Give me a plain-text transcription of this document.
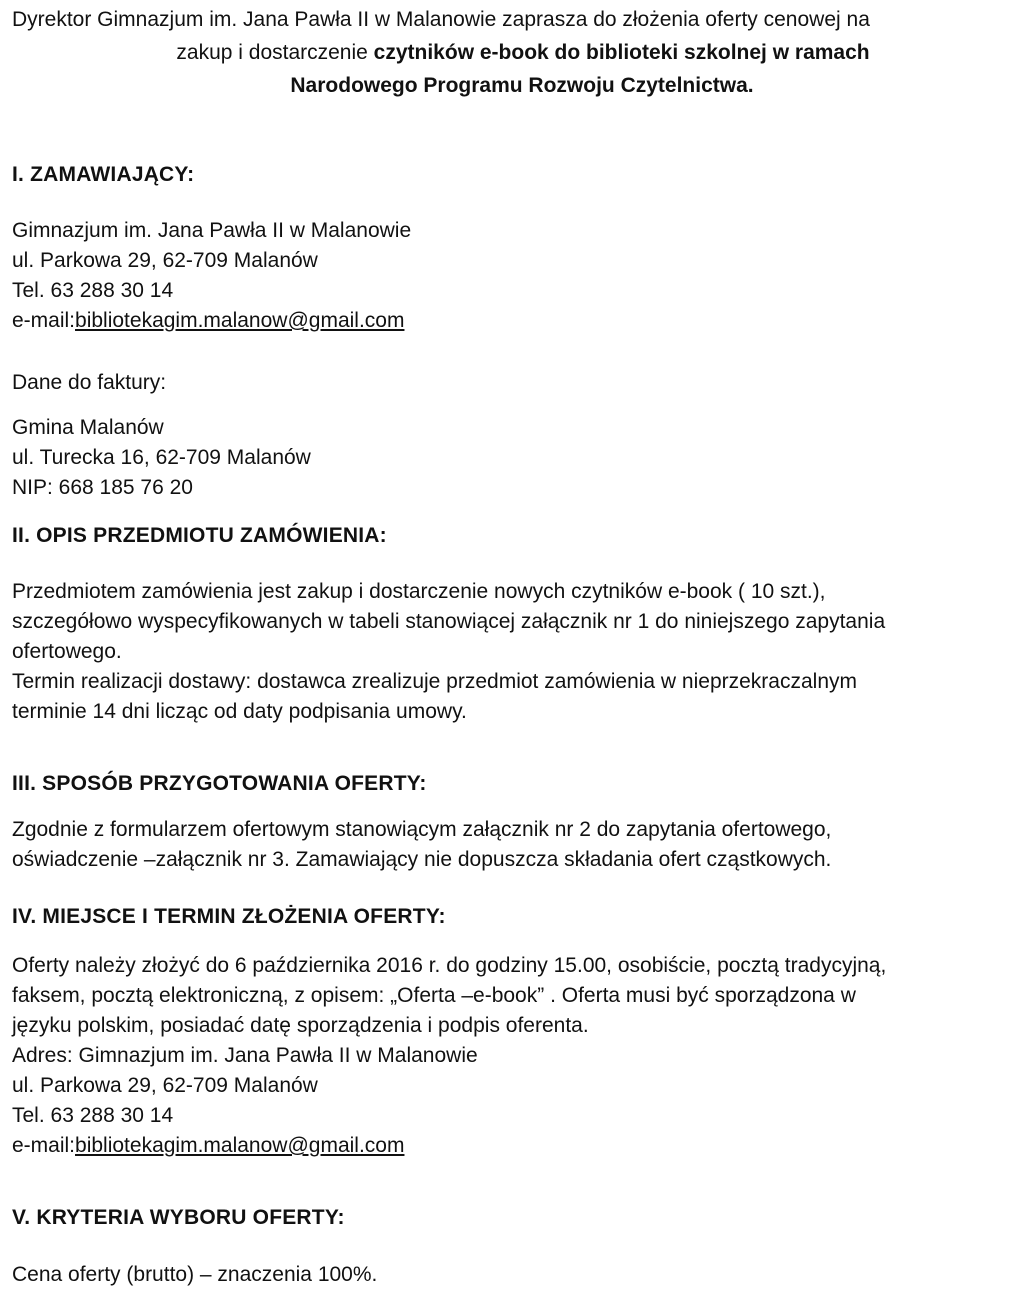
Dyrektor Gimnazjum im. Jana Pawła II w Malanowie zaprasza do złożenia oferty cenowej na
zakup i dostarczenie czytników e-book do biblioteki szkolnej w ramach
Narodowego Programu Rozwoju Czytelnictwa.
I. ZAMAWIAJĄCY:
Gimnazjum im. Jana Pawła II w Malanowie
ul. Parkowa 29, 62-709 Malanów
Tel. 63 288 30 14
e-mail:bibliotekagim.malanow@gmail.com
Dane do faktury:
Gmina Malanów
ul. Turecka 16, 62-709 Malanów
NIP: 668 185 76 20
II. OPIS PRZEDMIOTU ZAMÓWIENIA:
Przedmiotem zamówienia jest zakup i dostarczenie nowych czytników e-book ( 10 szt.),
szczegółowo wyspecyfikowanych w tabeli stanowiącej załącznik nr 1 do niniejszego zapytania
ofertowego.
Termin realizacji dostawy: dostawca zrealizuje przedmiot zamówienia w nieprzekraczalnym
terminie 14 dni licząc od daty podpisania umowy.
III. SPOSÓB PRZYGOTOWANIA OFERTY:
Zgodnie z formularzem ofertowym stanowiącym załącznik nr 2 do zapytania ofertowego,
oświadczenie –załącznik nr 3. Zamawiający nie dopuszcza składania ofert cząstkowych.
IV. MIEJSCE I TERMIN ZŁOŻENIA OFERTY:
Oferty należy złożyć do 6 października 2016 r. do godziny 15.00, osobiście, pocztą tradycyjną,
faksem, pocztą elektroniczną, z opisem: „Oferta –e-book” . Oferta musi być sporządzona w
języku polskim, posiadać datę sporządzenia i podpis oferenta.
Adres: Gimnazjum im. Jana Pawła II w Malanowie
ul. Parkowa 29, 62-709 Malanów
Tel. 63 288 30 14
e-mail:bibliotekagim.malanow@gmail.com
V. KRYTERIA WYBORU OFERTY:
Cena oferty (brutto) – znaczenia 100%.
